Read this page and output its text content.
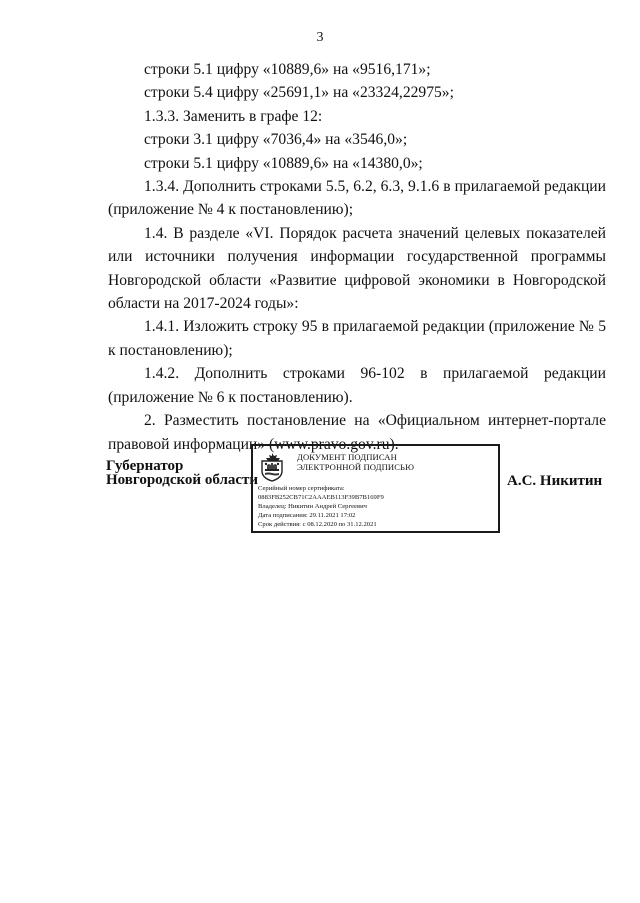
3

строки 5.1 цифру «10889,6» на «9516,171»;

строки 5.4 цифру «25691,1» на «23324,22975»;

1.3.3. Заменить в графе 12:

строки 3.1 цифру «7036,4» на «3546,0»;

строки 5.1 цифру «10889,6» на «14380,0»;

1.3.4. Дополнить строками 5.5, 6.2, 6.3, 9.1.6 в прилагаемой редакции (приложение № 4 к постановлению);

1.4. В разделе «VI. Порядок расчета значений целевых показателей или источники получения информации государственной программы Новгородской области «Развитие цифровой экономики в Новгородской области на 2017-2024 годы»:

1.4.1. Изложить строку 95 в прилагаемой редакции (приложение № 5 к постановлению);

1.4.2. Дополнить строками 96-102 в прилагаемой редакции (приложение № 6 к постановлению).

2. Разместить постановление на «Официальном интернет-портале правовой информации» (www.pravo.gov.ru).

Губернатор
Новгородской области
ДОКУМЕНТ ПОДПИСАН
ЭЛЕКТРОННОЙ ПОДПИСЬЮ
Серийный номер сертификата:
0883FB252CB71C2AAAEB113F39B7B169F9
Владелец: Никитин Андрей Сергеевич
Дата подписания: 29.11.2021 17:02
Срок действия: с 08.12.2020 по 31.12.2021
А.С. Никитин
